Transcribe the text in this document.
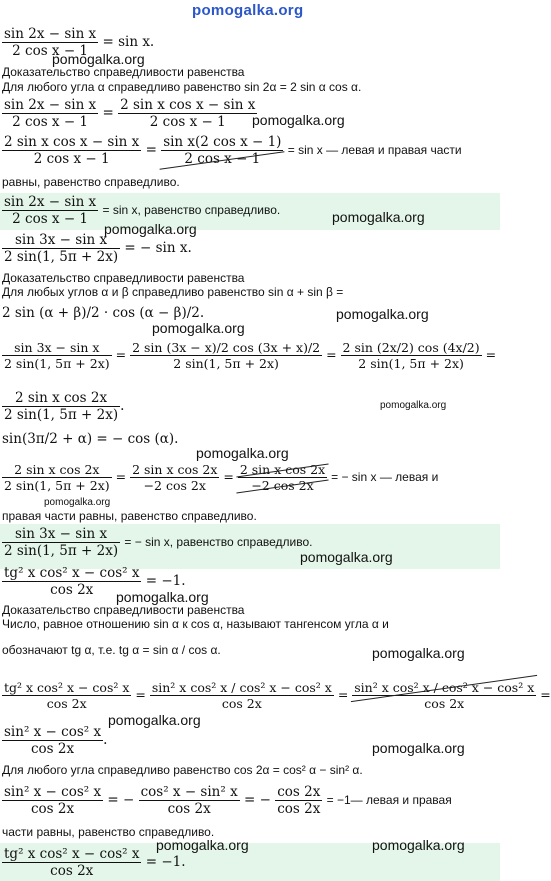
pomogalka.org
$\frac{\text{sin 2x − sin x}}{\text{2 cos x − 1}} = \sin x$.
pomogalka.org
Доказательство справедливости равенства
Для любого угла α справедливо равенство sin 2α = 2 sin α cos α.
$\frac{\text{sin 2x − sin x}}{\text{2 cos x − 1}} = \frac{\text{2 sin x cos x − sin x}}{\text{2 cos x − 1}}$
pomogalka.org
$\frac{\text{2 sin x cos x − sin x}}{\text{2 cos x − 1}} = \frac{\text{sin x(2 cos x − 1)}}{\text{2 cos x − 1}} = \sin x$ — левая и правая части
равны, равенство справедливо.
$\frac{\text{sin 2x − sin x}}{\text{2 cos x − 1}} = \sin x$, равенство справедливо.	pomogalka.org
pomogalka.org
$\frac{\text{sin 3x − sin x}}{2 \sin(1, 5\pi + 2x)}$ = − sin x.
Доказательство справедливости равенства
Для любых углов α и β справедливо равенство sin α + sin β =
2 sin (α + β)/2 · cos (α − β)/2.	pomogalka.org
pomogalka.org
$\frac{\text{sin 3x − sin x}}{2 \sin(1, 5\pi + 2x)} = \frac{2 \sin (3x - x)/2 \cos (3x + x)/2}{2 \sin(1, 5\pi + 2x)} = \frac{2 \sin (2x/2) \cos (4x/2)}{2 \sin(1, 5\pi + 2x)}$ =
$\frac{\text{2 sin x cos 2x}}{2 \sin(1, 5\pi + 2x)}$ .	pomogalka.org
sin(3π/2 + α) = − cos (α).
pomogalka.org
$\frac{\text{2 sin x cos 2x}}{2 \sin(1, 5\pi + 2x)} = \frac{\text{2 sin x cos 2x}}{-2 \cos 2x} = \frac{\text{2 sin x cos 2x}}{-2 \cos 2x}$ = − sin x — левая и
pomogalka.org
правая части равны, равенство справедливо.
$\frac{\text{sin 3x − sin x}}{2 \sin(1, 5\pi + 2x)}$ = − sin x, равенство справедливо.
pomogalka.org
$\frac{\text{tg² x cos² x − cos² x}}{\cos 2x} = -1$.
pomogalka.org
Доказательство справедливости равенства
Число, равное отношению sin α к cos α, называют тангенсом угла α и
обозначают tg α, т.е. tg α = sin α / cos α.	pomogalka.org
$\frac{\text{tg² x cos² x − cos² x}}{\cos 2x} = \frac{\text{sin² x cos² x / cos² x − cos² x}}{\cos 2x} = \frac{\text{sin² x cos² x / cos² x − cos² x}}{\cos 2x}$ =
pomogalka.org
$\frac{\text{sin² x − cos² x}}{\cos 2x}$ .	pomogalka.org
Для любого угла справедливо равенство cos 2α = cos² α − sin² α.
$\frac{\text{sin² x − cos² x}}{\cos 2x}$ = − $\frac{\text{cos² x − sin² x}}{\cos 2x}$ = − $\frac{\cos 2x}{\cos 2x}$ = −1— левая и правая
части равны, равенство справедливо.
pomogalka.org	pomogalka.org
$\frac{\text{tg² x cos² x − cos² x}}{\cos 2x} = -1$.
